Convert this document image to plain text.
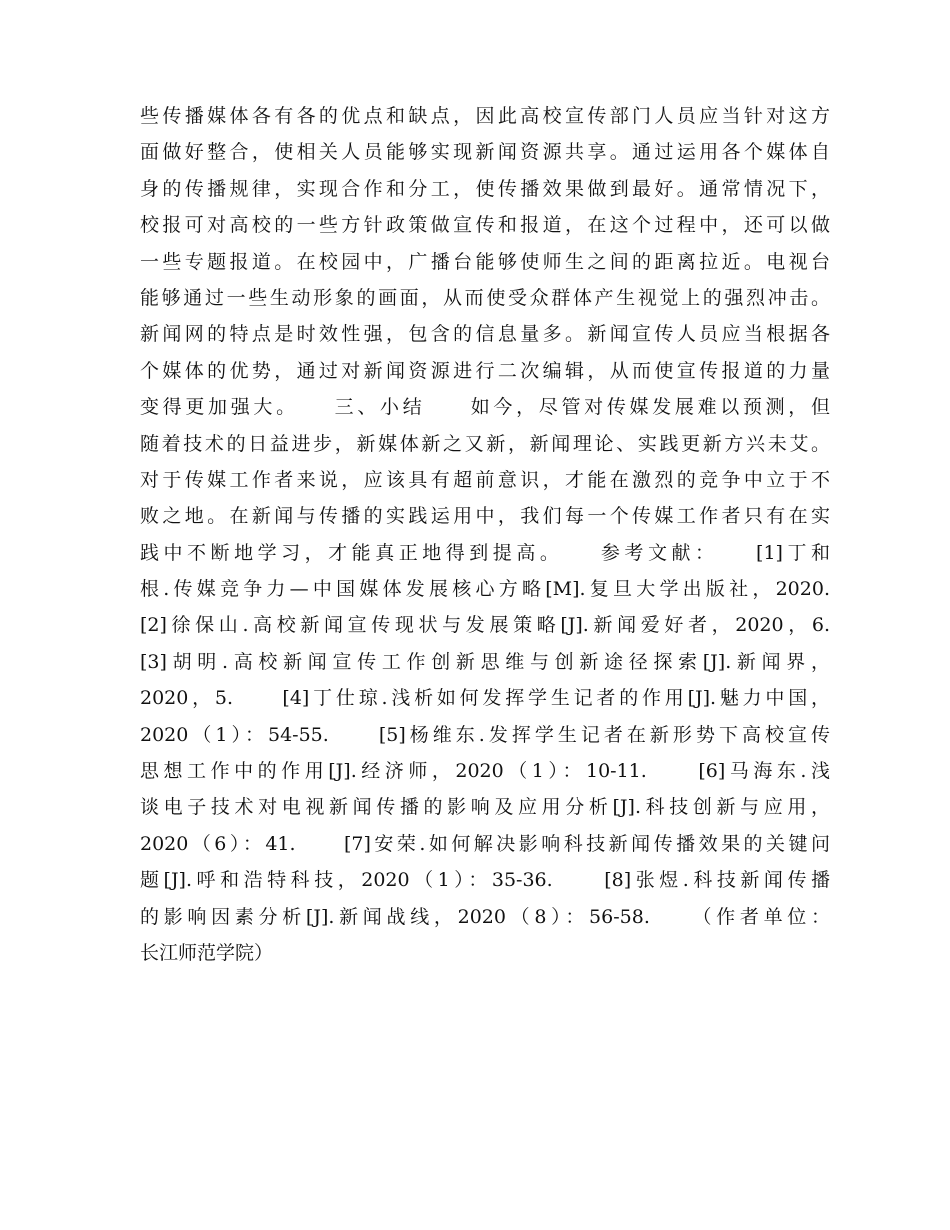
些传播媒体各有各的优点和缺点，因此高校宣传部门人员应当针对这方
面做好整合，使相关人员能够实现新闻资源共享。通过运用各个媒体自
身的传播规律，实现合作和分工，使传播效果做到最好。通常情况下，
校报可对高校的一些方针政策做宣传和报道，在这个过程中，还可以做
一些专题报道。在校园中，广播台能够使师生之间的距离拉近。电视台
能够通过一些生动形象的画面，从而使受众群体产生视觉上的强烈冲击。
新闻网的特点是时效性强，包含的信息量多。新闻宣传人员应当根据各
个媒体的优势，通过对新闻资源进行二次编辑，从而使宣传报道的力量
变得更加强大。　　三、小结　　如今，尽管对传媒发展难以预测，但
随着技术的日益进步，新媒体新之又新，新闻理论、实践更新方兴未艾。
对于传媒工作者来说，应该具有超前意识，才能在激烈的竞争中立于不
败之地。在新闻与传播的实践运用中，我们每一个传媒工作者只有在实
践中不断地学习，才能真正地得到提高。　　参考文献：　　[1]丁和
根.传媒竞争力—中国媒体发展核心方略[M].复旦大学出版社，2020.
[2]徐保山.高校新闻宣传现状与发展策略[J].新闻爱好者，2020，6.
[3]胡明.高校新闻宣传工作创新思维与创新途径探索[J].新闻界，
2020，5.　　[4]丁仕琼.浅析如何发挥学生记者的作用[J].魅力中国，
2020（1）：54-55.　　[5]杨维东.发挥学生记者在新形势下高校宣传
思想工作中的作用[J].经济师，2020（1）：10-11.　　[6]马海东.浅
谈电子技术对电视新闻传播的影响及应用分析[J].科技创新与应用，
2020（6）：41.　　[7]安荣.如何解决影响科技新闻传播效果的关键问
题[J].呼和浩特科技，2020（1）：35-36.　　[8]张煜.科技新闻传播
的影响因素分析[J].新闻战线，2020（8）：56-58.　　（作者单位：
长江师范学院）
